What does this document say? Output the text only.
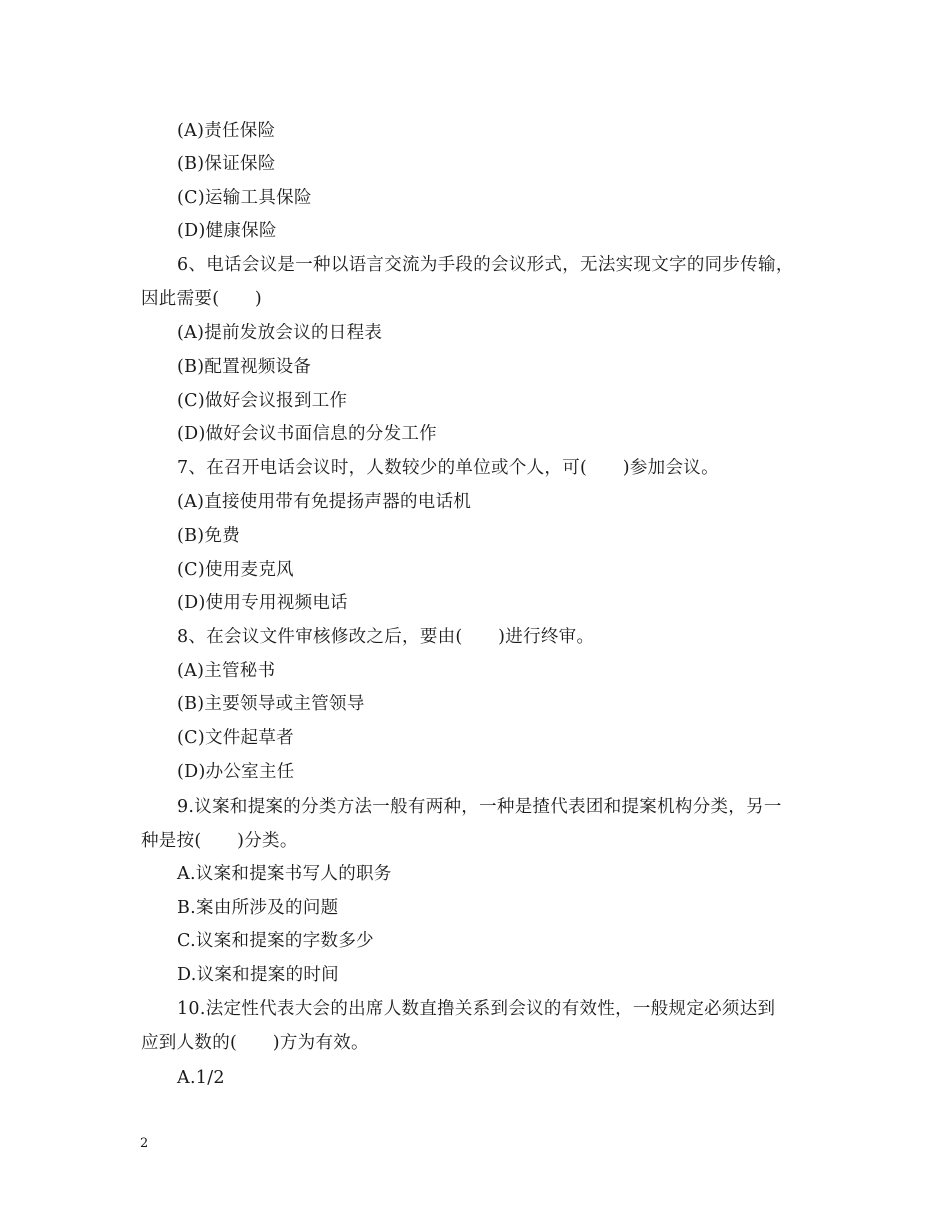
(A)责任保险
(B)保证保险
(C)运输工具保险
(D)健康保险
6、电话会议是一种以语言交流为手段的会议形式，无法实现文字的同步传输，
因此需要(　　)
(A)提前发放会议的日程表
(B)配置视频设备
(C)做好会议报到工作
(D)做好会议书面信息的分发工作
7、在召开电话会议时，人数较少的单位或个人，可(　　)参加会议。
(A)直接使用带有免提扬声器的电话机
(B)免费
(C)使用麦克风
(D)使用专用视频电话
8、在会议文件审核修改之后，要由(　　)进行终审。
(A)主管秘书
(B)主要领导或主管领导
(C)文件起草者
(D)办公室主任
9.议案和提案的分类方法一般有两种，一种是揸代表团和提案机构分类，另一
种是按(　　)分类。
A.议案和提案书写人的职务
B.案由所涉及的问题
C.议案和提案的字数多少
D.议案和提案的时间
10.法定性代表大会的出席人数直撸关系到会议的有效性，一般规定必须达到
应到人数的(　　)方为有效。
A.1/2
2
